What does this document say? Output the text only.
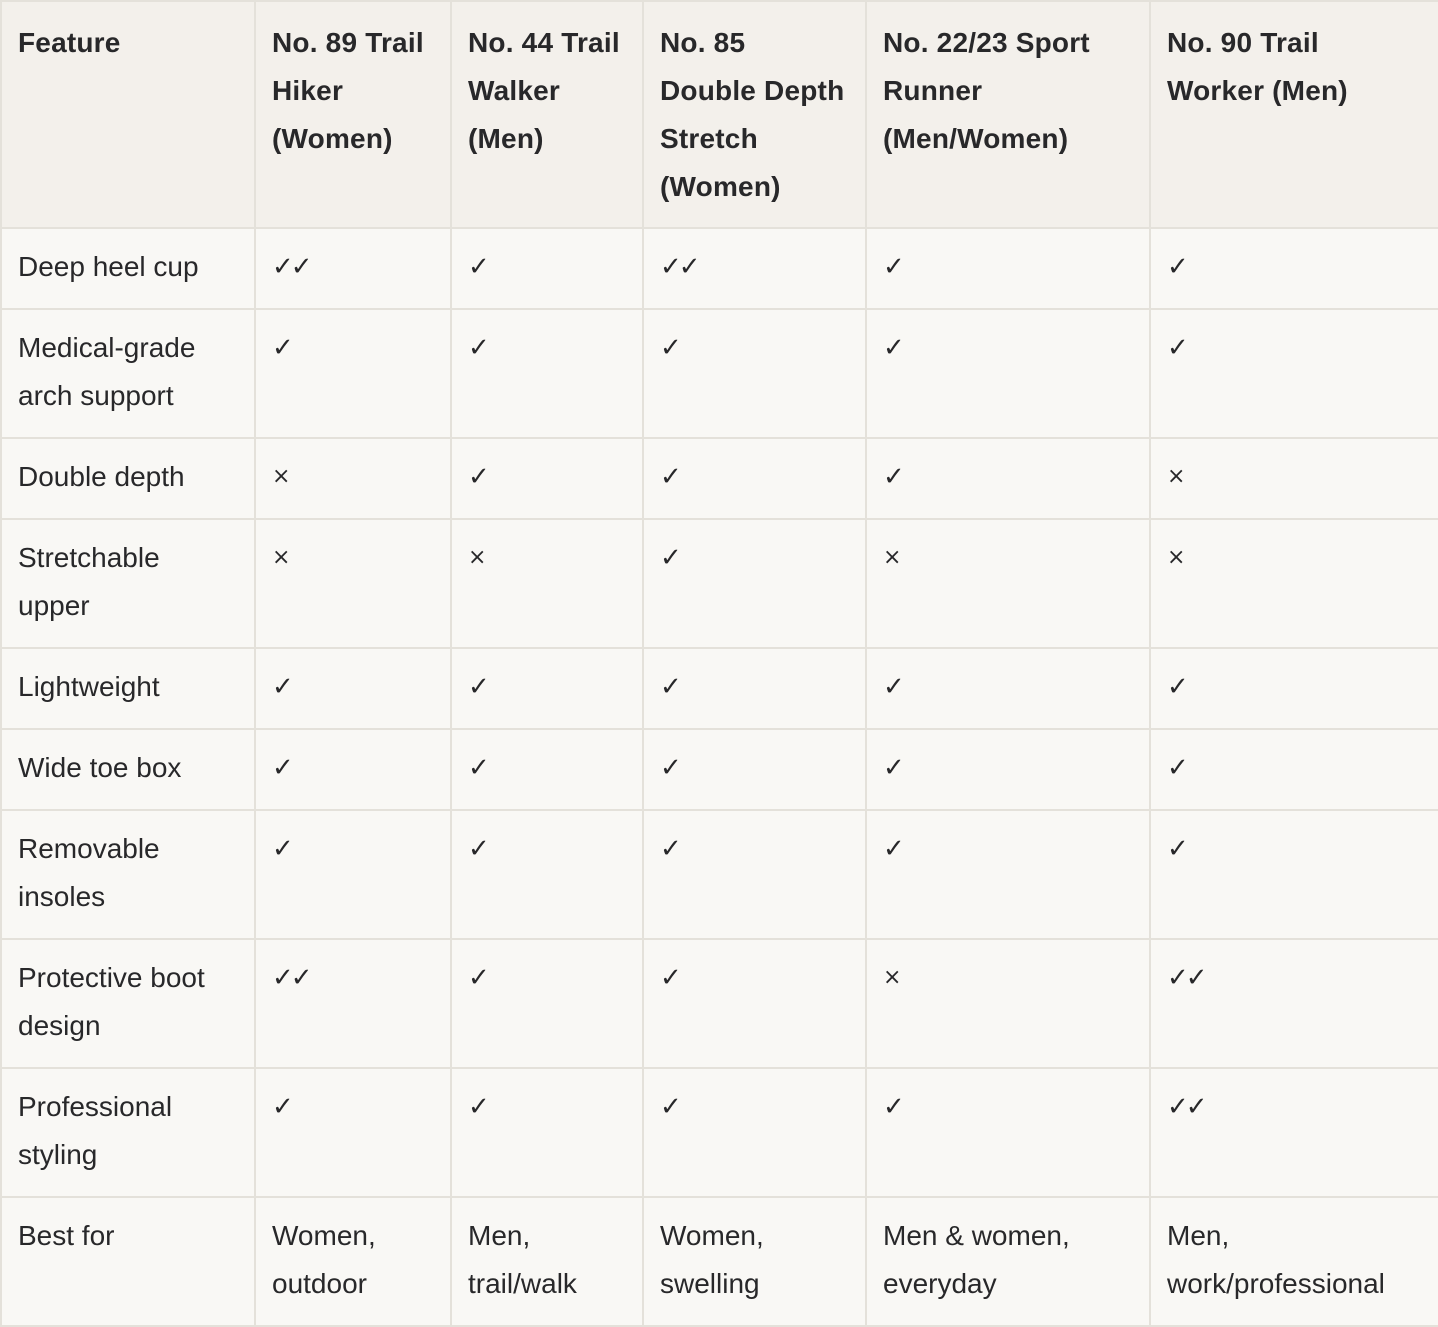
Feature	No. 89 Trail Hiker (Women)	No. 44 Trail Walker (Men)	No. 85 Double Depth Stretch (Women)	No. 22/23 Sport Runner (Men/Women)	No. 90 Trail Worker (Men)
Deep heel cup	✓✓	✓	✓✓	✓	✓
Medical-grade arch support	✓	✓	✓	✓	✓
Double depth	×	✓	✓	✓	×
Stretchable upper	×	×	✓	×	×
Lightweight	✓	✓	✓	✓	✓
Wide toe box	✓	✓	✓	✓	✓
Removable insoles	✓	✓	✓	✓	✓
Protective boot design	✓✓	✓	✓	×	✓✓
Professional styling	✓	✓	✓	✓	✓✓
Best for	Women, outdoor	Men, trail/walk	Women, swelling	Men & women, everyday	Men, work/professional
